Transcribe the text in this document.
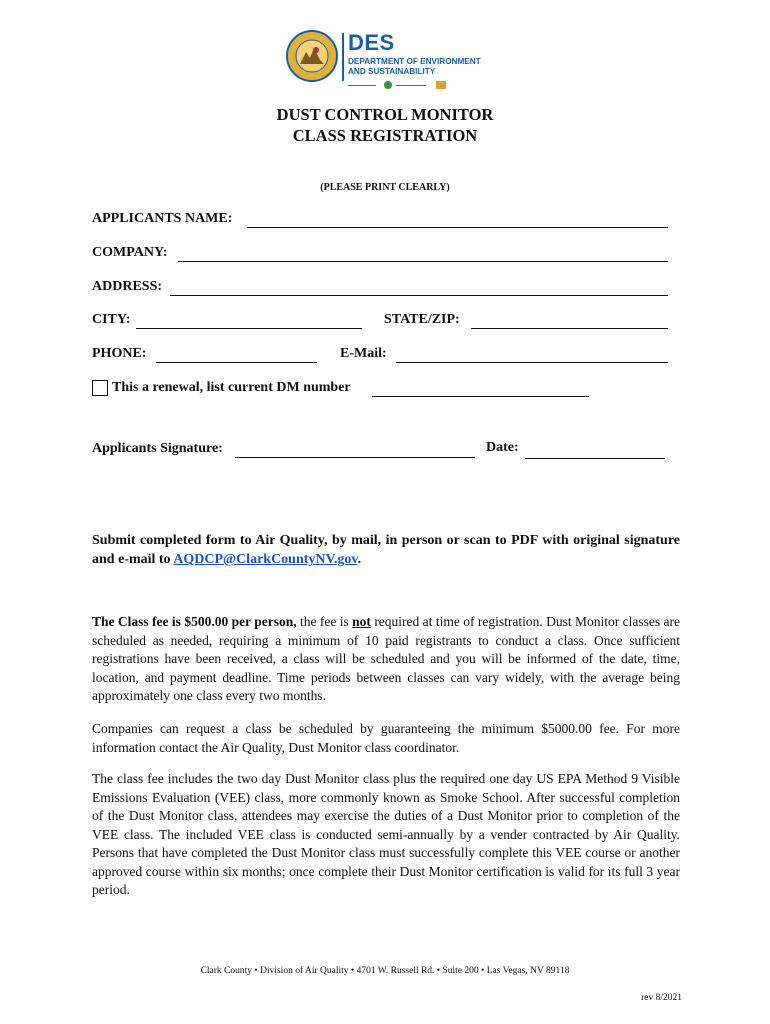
DES
DEPARTMENT OF ENVIRONMENT
AND SUSTAINABILITY
DUST CONTROL MONITOR
CLASS REGISTRATION
(PLEASE PRINT CLEARLY)
APPLICANTS NAME:
COMPANY:
ADDRESS:
CITY:	STATE/ZIP:
PHONE:	E-Mail:
This a renewal, list current DM number
Applicants Signature:	Date:

Submit completed form to Air Quality, by mail, in person or scan to PDF with original signature and e-mail to AQDCP@ClarkCountyNV.gov.

The Class fee is $500.00 per person, the fee is not required at time of registration. Dust Monitor classes are scheduled as needed, requiring a minimum of 10 paid registrants to conduct a class. Once sufficient registrations have been received, a class will be scheduled and you will be informed of the date, time, location, and payment deadline. Time periods between classes can vary widely, with the average being approximately one class every two months.

Companies can request a class be scheduled by guaranteeing the minimum $5000.00 fee. For more information contact the Air Quality, Dust Monitor class coordinator.

The class fee includes the two day Dust Monitor class plus the required one day US EPA Method 9 Visible Emissions Evaluation (VEE) class, more commonly known as Smoke School. After successful completion of the Dust Monitor class, attendees may exercise the duties of a Dust Monitor prior to completion of the VEE class. The included VEE class is conducted semi-annually by a vender contracted by Air Quality. Persons that have completed the Dust Monitor class must successfully complete this VEE course or another approved course within six months; once complete their Dust Monitor certification is valid for its full 3 year period.

Clark County • Division of Air Quality • 4701 W. Russell Rd. • Suite 200 • Las Vegas, NV 89118
rev 8/2021
